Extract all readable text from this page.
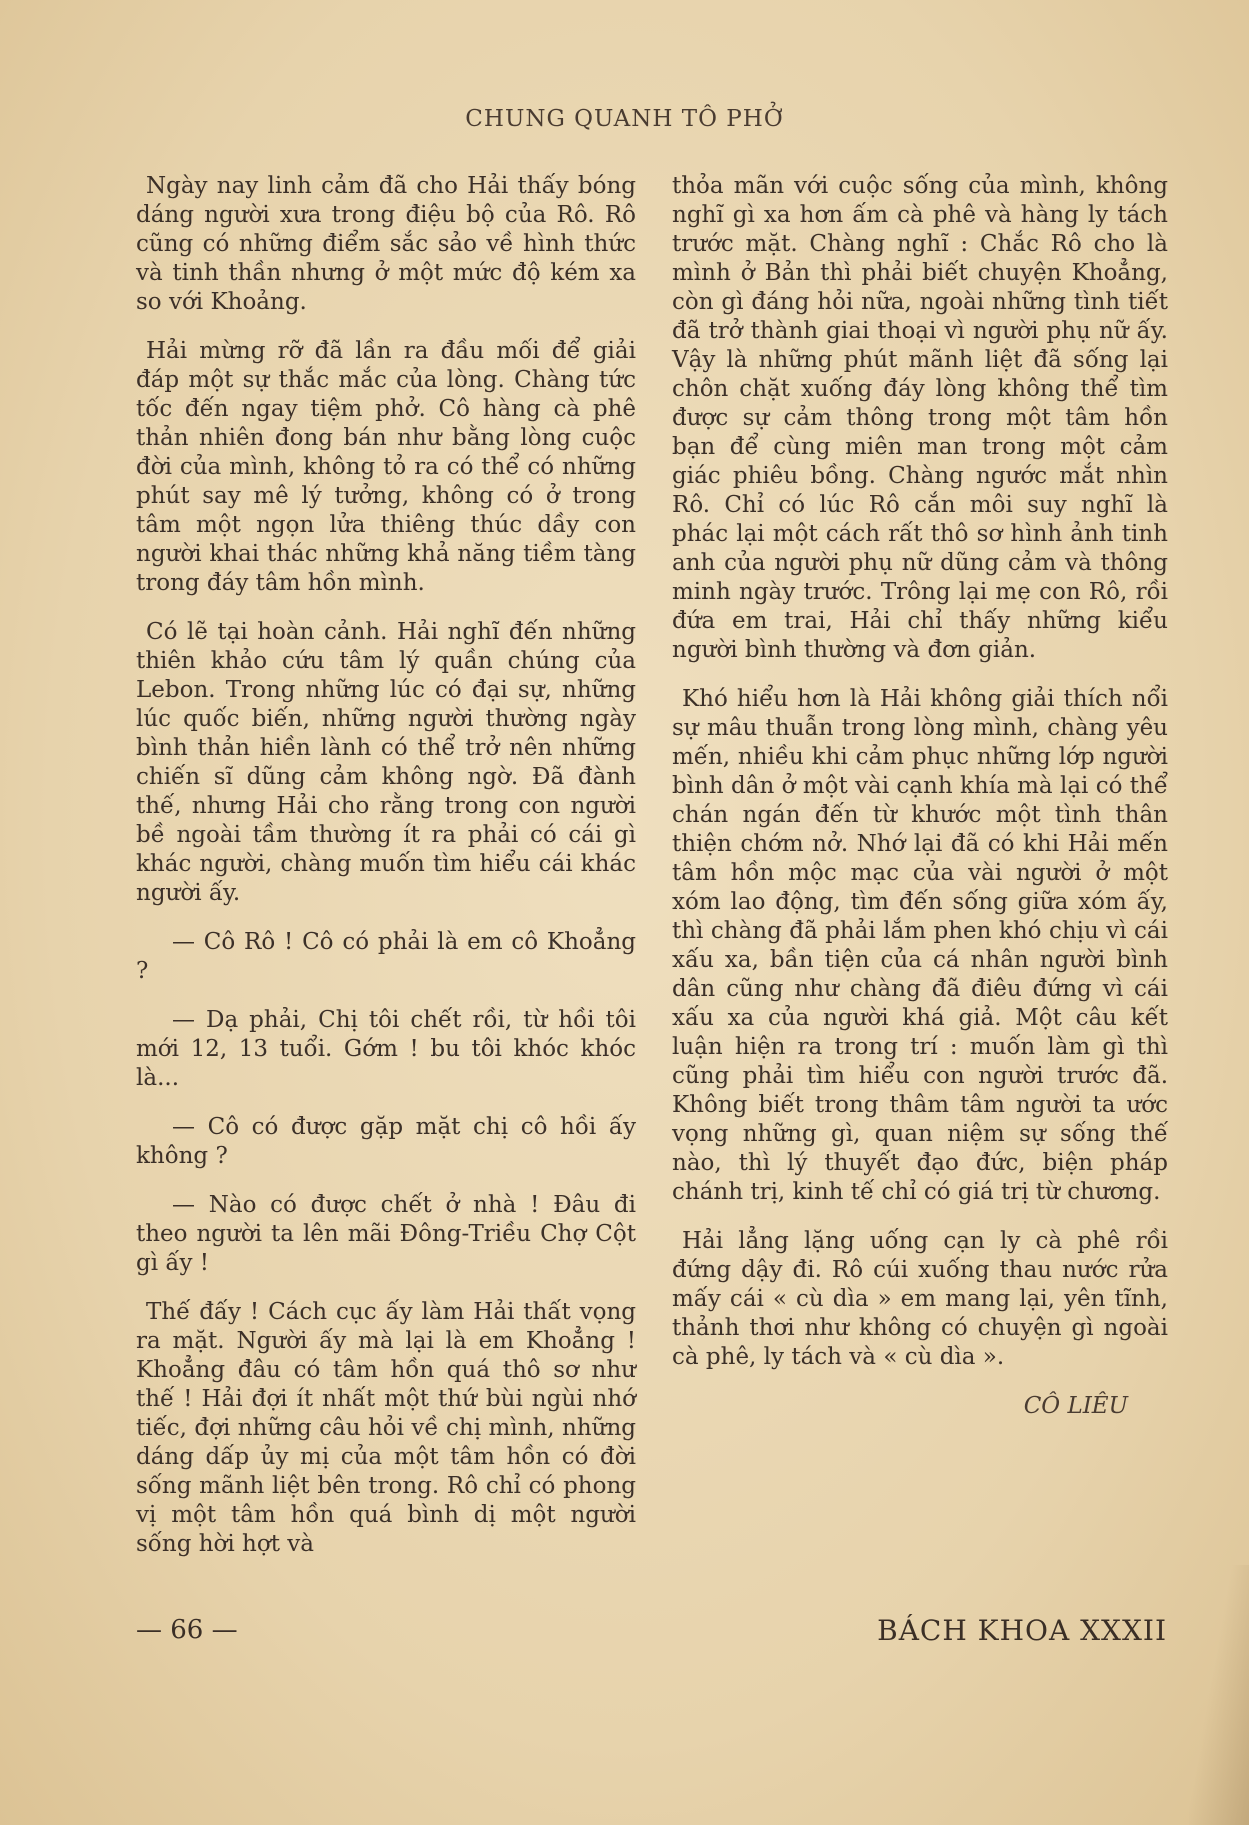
CHUNG QUANH TÔ PHỞ

Ngày nay linh cảm đã cho Hải thấy bóng dáng người xưa trong điệu bộ của Rô. Rô cũng có những điểm sắc sảo về hình thức và tinh thần nhưng ở một mức độ kém xa so với Khoảng.

Hải mừng rỡ đã lần ra đầu mối để giải đáp một sự thắc mắc của lòng. Chàng tức tốc đến ngay tiệm phở. Cô hàng cà phê thản nhiên đong bán như bằng lòng cuộc đời của mình, không tỏ ra có thể có những phút say mê lý tưởng, không có ở trong tâm một ngọn lửa thiêng thúc dầy con người khai thác những khả năng tiềm tàng trong đáy tâm hồn mình.

Có lẽ tại hoàn cảnh. Hải nghĩ đến những thiên khảo cứu tâm lý quần chúng của Lebon. Trong những lúc có đại sự, những lúc quốc biến, những người thường ngày bình thản hiền lành có thể trở nên những chiến sĩ dũng cảm không ngờ. Đã đành thế, nhưng Hải cho rằng trong con người bề ngoài tầm thường ít ra phải có cái gì khác người, chàng muốn tìm hiểu cái khác người ấy.

— Cô Rô ! Cô có phải là em cô Khoẳng ?

— Dạ phải, Chị tôi chết rồi, từ hồi tôi mới 12, 13 tuổi. Gớm ! bu tôi khóc khóc là...

— Cô có được gặp mặt chị cô hồi ấy không ?

— Nào có được chết ở nhà ! Đâu đi theo người ta lên mãi Đông-Triều Chợ Cột gì ấy !

Thế đấy ! Cách cục ấy làm Hải thất vọng ra mặt. Người ấy mà lại là em Khoẳng ! Khoẳng đâu có tâm hồn quá thô sơ như thế ! Hải đợi ít nhất một thứ bùi ngùi nhớ tiếc, đợi những câu hỏi về chị mình, những dáng dấp ủy mị của một tâm hồn có đời sống mãnh liệt bên trong. Rô chỉ có phong vị một tâm hồn quá bình dị một người sống hời hợt và

thỏa mãn với cuộc sống của mình, không nghĩ gì xa hơn ấm cà phê và hàng ly tách trước mặt. Chàng nghĩ : Chắc Rô cho là mình ở Bản thì phải biết chuyện Khoẳng, còn gì đáng hỏi nữa, ngoài những tình tiết đã trở thành giai thoại vì người phụ nữ ấy. Vậy là những phút mãnh liệt đã sống lại chôn chặt xuống đáy lòng không thể tìm được sự cảm thông trong một tâm hồn bạn để cùng miên man trong một cảm giác phiêu bồng. Chàng ngước mắt nhìn Rô. Chỉ có lúc Rô cắn môi suy nghĩ là phác lại một cách rất thô sơ hình ảnh tinh anh của người phụ nữ dũng cảm và thông minh ngày trước. Trông lại mẹ con Rô, rồi đứa em trai, Hải chỉ thấy những kiểu người bình thường và đơn giản.

Khó hiểu hơn là Hải không giải thích nổi sự mâu thuẫn trong lòng mình, chàng yêu mến, nhiều khi cảm phục những lớp người bình dân ở một vài cạnh khía mà lại có thể chán ngán đến từ khước một tình thân thiện chớm nở. Nhớ lại đã có khi Hải mến tâm hồn mộc mạc của vài người ở một xóm lao động, tìm đến sống giữa xóm ấy, thì chàng đã phải lắm phen khó chịu vì cái xấu xa, bần tiện của cá nhân người bình dân cũng như chàng đã điêu đứng vì cái xấu xa của người khá giả. Một câu kết luận hiện ra trong trí : muốn làm gì thì cũng phải tìm hiểu con người trước đã. Không biết trong thâm tâm người ta ước vọng những gì, quan niệm sự sống thế nào, thì lý thuyết đạo đức, biện pháp chánh trị, kinh tế chỉ có giá trị từ chương.

Hải lẳng lặng uống cạn ly cà phê rồi đứng dậy đi. Rô cúi xuống thau nước rửa mấy cái « cù dìa » em mang lại, yên tĩnh, thảnh thơi như không có chuyện gì ngoài cà phê, ly tách và « cù dìa ».

CÔ LIÊU
— 66 —	BÁCH KHOA XXXII
